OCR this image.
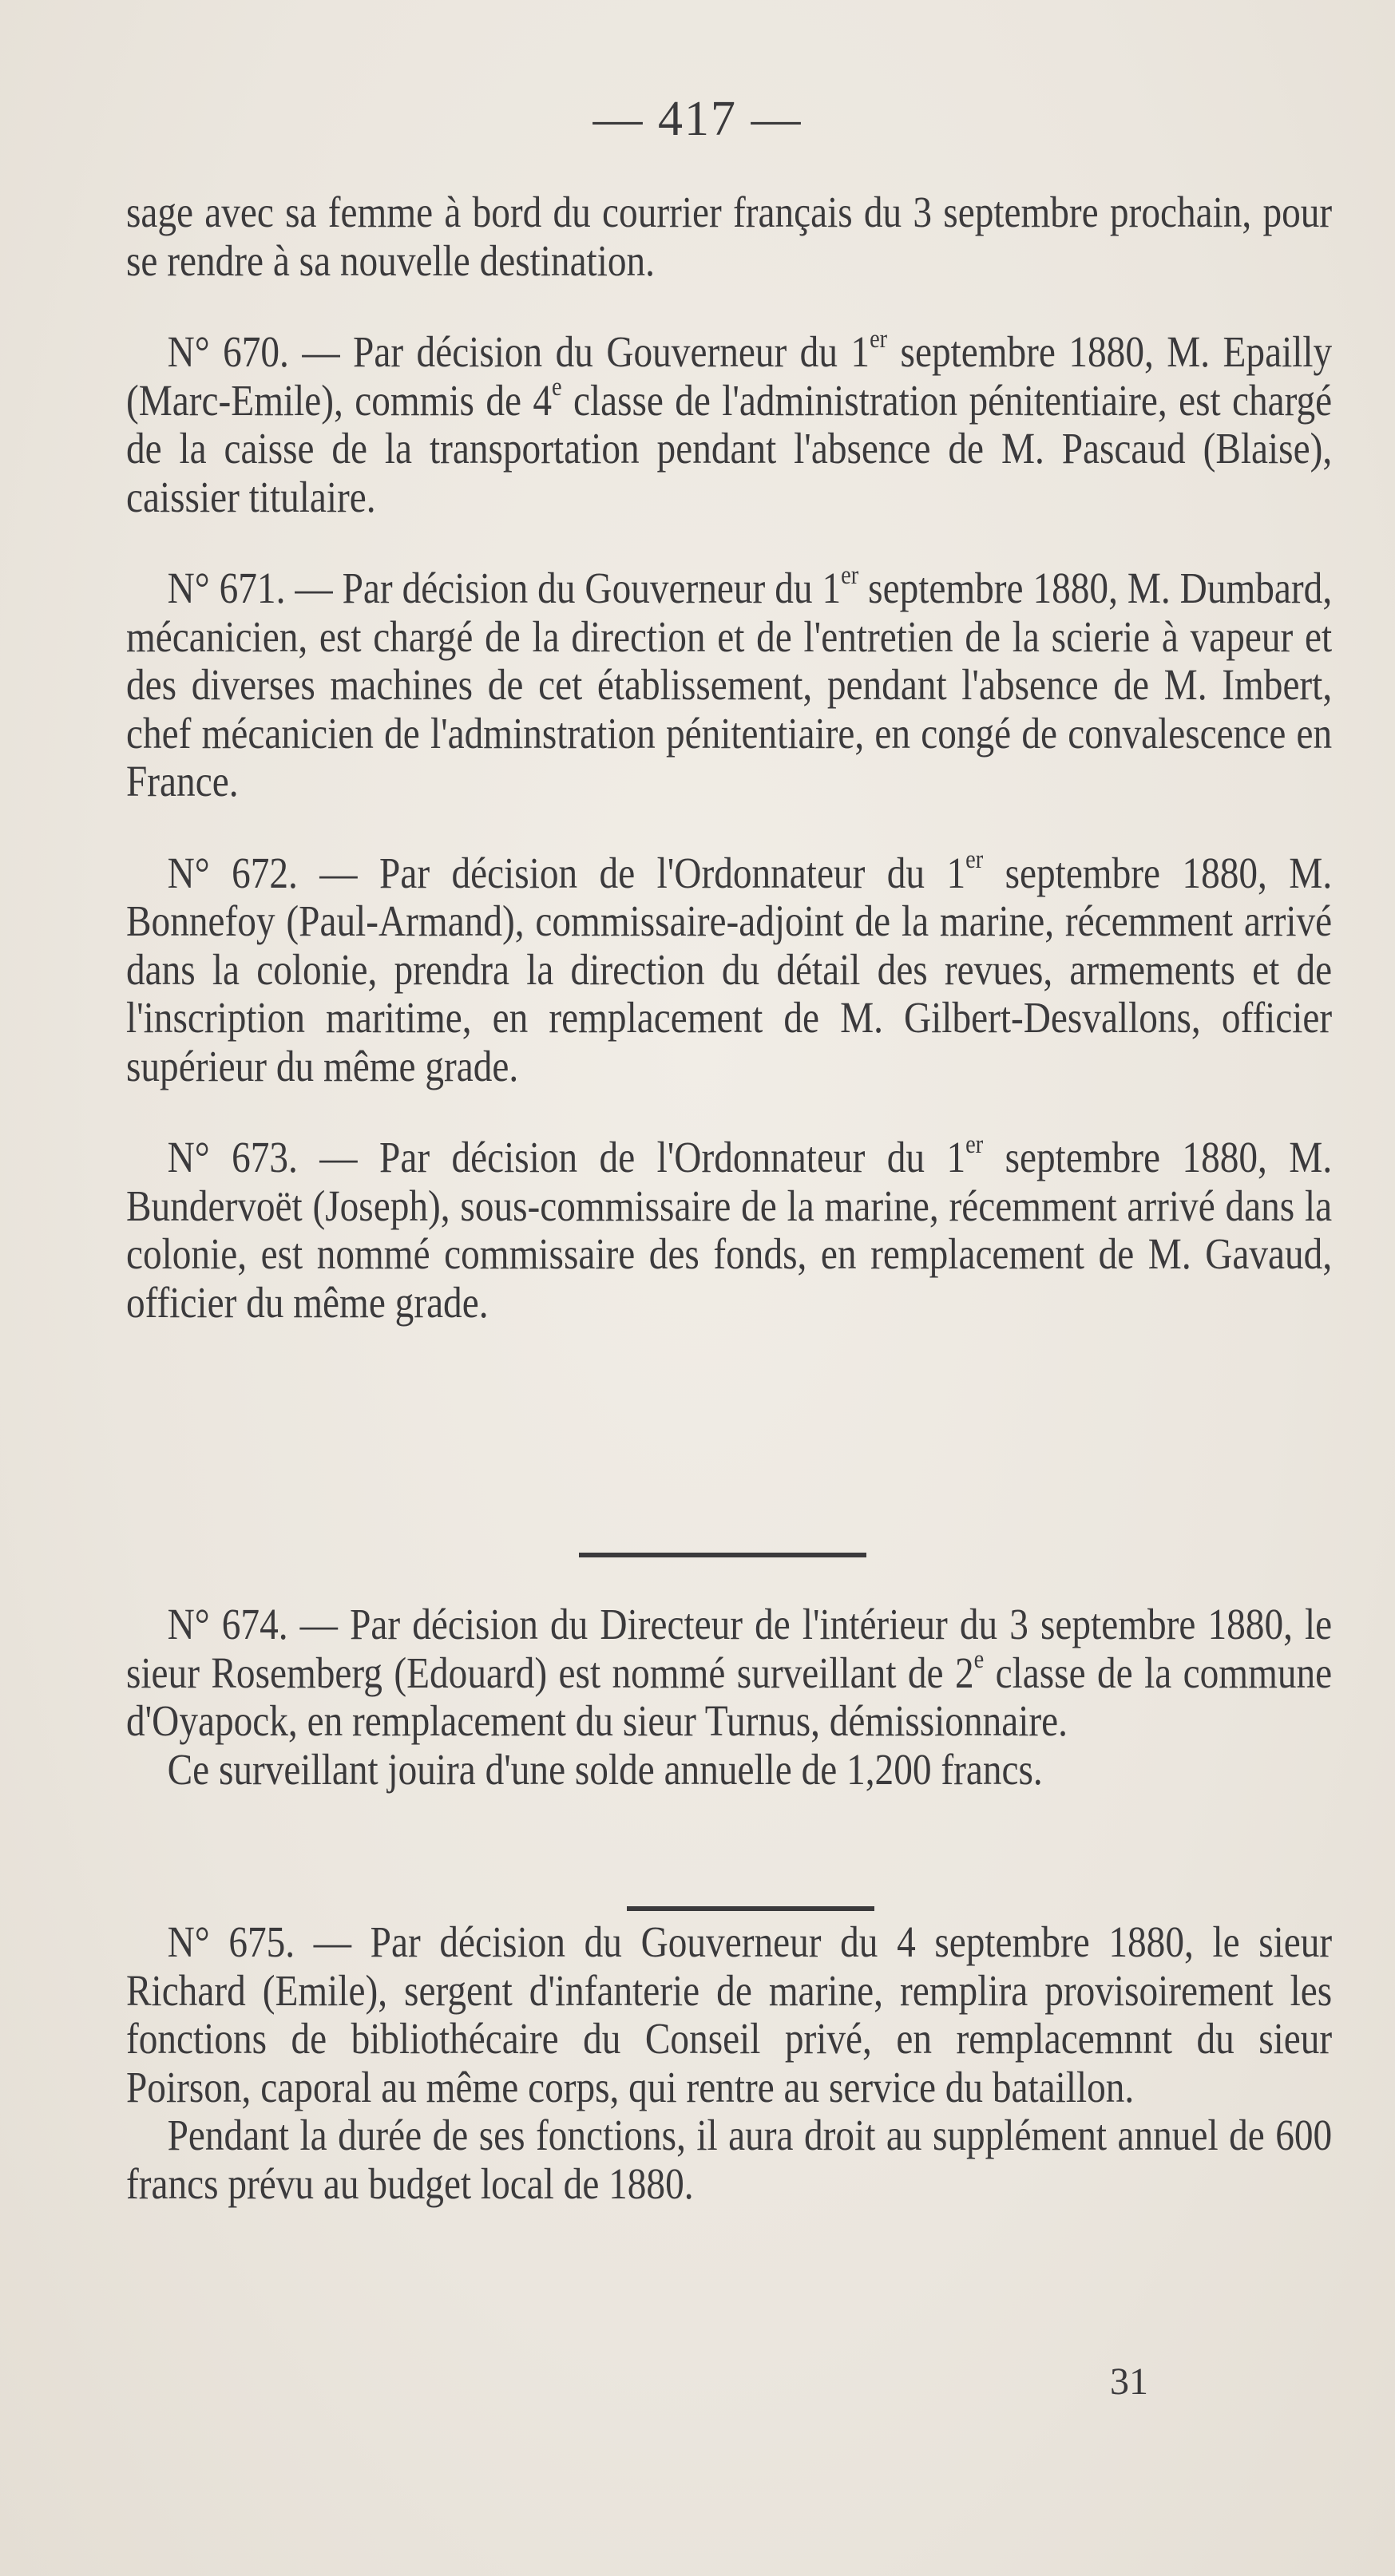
— 417 —

sage avec sa femme à bord du courrier français du 3 septembre prochain, pour se rendre à sa nouvelle destination.

N° 670. — Par décision du Gouverneur du 1er septembre 1880, M. Epailly (Marc-Emile), commis de 4e classe de l'administration pénitentiaire, est chargé de la caisse de la transportation pendant l'absence de M. Pascaud (Blaise), caissier titulaire.

N° 671. — Par décision du Gouverneur du 1er septembre 1880, M. Dumbard, mécanicien, est chargé de la direction et de l'entretien de la scierie à vapeur et des diverses machines de cet établissement, pendant l'absence de M. Imbert, chef mécanicien de l'adminstration pénitentiaire, en congé de convalescence en France.

N° 672. — Par décision de l'Ordonnateur du 1er septembre 1880, M. Bonnefoy (Paul-Armand), commissaire-adjoint de la marine, récemment arrivé dans la colonie, prendra la direction du détail des revues, armements et de l'inscription maritime, en remplacement de M. Gilbert-Desvallons, officier supérieur du même grade.

N° 673. — Par décision de l'Ordonnateur du 1er septembre 1880, M. Bundervoët (Joseph), sous-commissaire de la marine, récemment arrivé dans la colonie, est nommé commissaire des fonds, en remplacement de M. Gavaud, officier du même grade.

N° 674. — Par décision du Directeur de l'intérieur du 3 septembre 1880, le sieur Rosemberg (Edouard) est nommé surveillant de 2e classe de la commune d'Oyapock, en remplacement du sieur Turnus, démissionnaire.

Ce surveillant jouira d'une solde annuelle de 1,200 francs.

N° 675. — Par décision du Gouverneur du 4 septembre 1880, le sieur Richard (Emile), sergent d'infanterie de marine, remplira provisoirement les fonctions de bibliothécaire du Conseil privé, en remplacemnnt du sieur Poirson, caporal au même corps, qui rentre au service du bataillon.

Pendant la durée de ses fonctions, il aura droit au supplément annuel de 600 francs prévu au budget local de 1880.

31
